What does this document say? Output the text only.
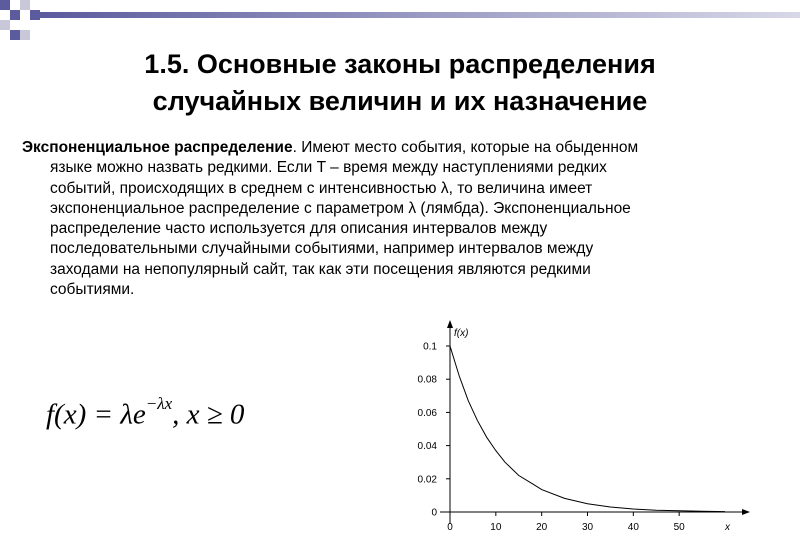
1.5. Основные законы распределения
случайных величин и их назначение
Экспоненциальное распределение. Имеют место события, которые на обыденном
языке можно назвать редкими. Если T – время между наступлениями редких
событий, происходящих в среднем с интенсивностью λ, то величина имеет
экспоненциальное распределение с параметром λ (лямбда). Экспоненциальное
распределение часто используется для описания интервалов между
последовательными случайными событиями, например интервалов между
заходами на непопулярный сайт, так как эти посещения являются редкими
событиями.
$f(x) = \lambda e^{-\lambda x}$, x ≥ 0
0
0.02
0.04
0.06
0.08
0.1
0	10	20	30	40	50
f(x)
x
